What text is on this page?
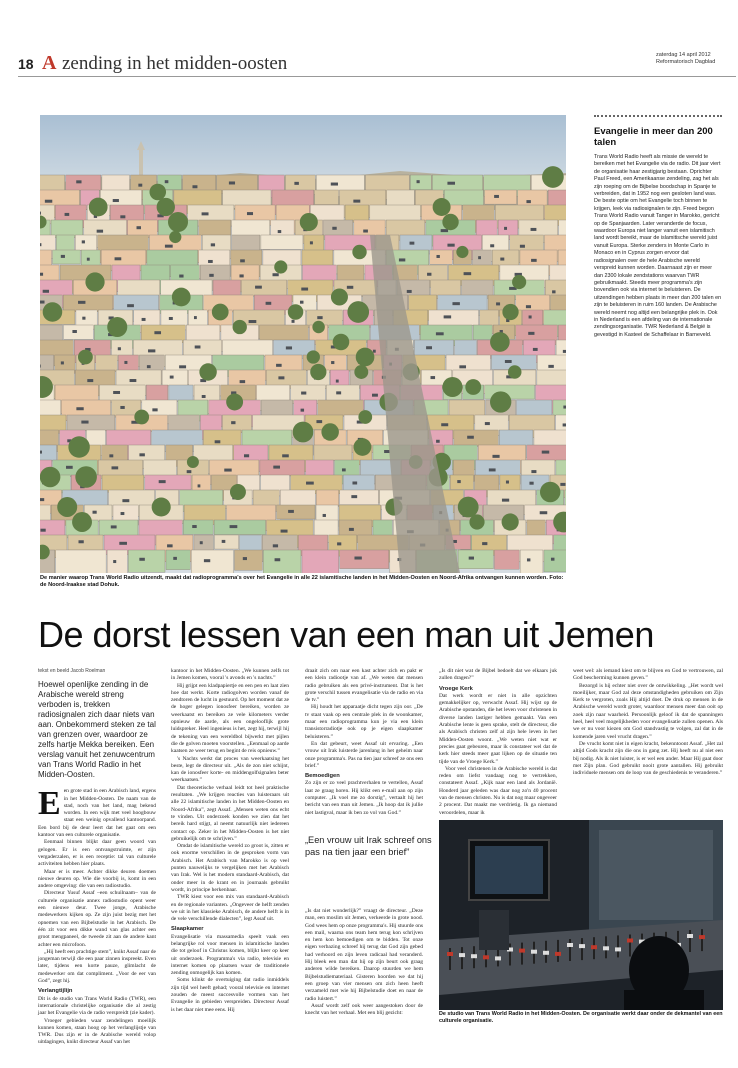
18 A zending in het midden-oosten	zaterdag 14 april 2012
Reformatorisch Dagblad
De manier waarop Trans World Radio uitzendt, maakt dat radioprogramma's over het Evangelie in alle 22 islamitische landen in het Midden-Oosten en Noord-Afrika ontvangen kunnen worden. Foto: de Noord-Iraakse stad Dohuk.
Evangelie in meer dan 200 talen
Trans World Radio heeft als missie de wereld te bereiken met het Evangelie via de radio. Dit jaar viert de organisatie haar zestigjarig bestaan. Oprichter Paul Freed, een Amerikaanse zendeling, zag het als zijn roeping om de Bijbelse boodschap in Spanje te verbreiden, dat in 1952 nog een gesloten land was. De beste optie om het Evangelie toch binnen te krijgen, leek via radiosignalen te zijn. Freed begon Trans World Radio vanuit Tanger in Marokko, gericht op de Spanjaarden. Later veranderde de focus, waardoor Europa niet langer vanuit een islamitisch land wordt bereikt, maar de islamitische wereld juist vanuit Europa. Sterke zenders in Monte Carlo in Monaco en in Cyprus zorgen ervoor dat radiosignalen over de hele Arabische wereld verspreid kunnen worden. Daarnaast zijn er meer dan 2300 lokale zendstations waarvan TWR gebruikmaakt. Steeds meer programma's zijn bovendien ook via internet te beluisteren. De uitzendingen hebben plaats in meer dan 200 talen en zijn te beluisteren in ruim 160 landen. De Arabische wereld neemt nog altijd een belangrijke plek in. Ook in Nederland is een afdeling van de internationale zendingsorganisatie. TWR Nederland & België is gevestigd in Kasteel de Schaffelaar in Barneveld.
De dorst lessen van een man uit Jemen
tekst en beeld Jacob Roelman
Hoewel openlijke zending in de Arabische wereld streng verboden is, trekken radiosignalen zich daar niets van aan. Onbekommerd steken ze tal van grenzen over, waardoor ze zelfs hartje Mekka bereiken. Een verslag vanuit het zenuwcentrum van Trans World Radio in het Midden-Oosten.

Een grote stad in een Arabisch land, ergens in het Midden-Oosten. De naam van de stad, noch van het land, mag bekend worden. In een wijk met veel hoogbouw staat een weinig opvallend kantoorpand. Een bord bij de deur leert dat het gaat om een kantoor van een culturele organisatie.

Eenmaal binnen blijkt daar geen woord van gelogen. Er is een ontvangstruimte, er zijn vergaderzalen, er is een receptie: tal van culturele activiteiten hebben hier plaats.

Maar er is meer. Achter dikke deuren doemen nieuwe deuren op. Wie die voorbij is, komt in een andere omgeving: die van een radiostudio.

Directeur Yusuf Assaf –een schuilnaam– van de culturele organisatie annex radiostudio opent weer een nieuwe deur. Twee jonge, Arabische medewerkers kijken op. Ze zijn juist bezig met het opnemen van een Bijbelstudie in het Arabisch. De één zit voor een dikke wand van glas achter een groot mengpaneel, de tweede zit aan de andere kant achter een microfoon.

„Hij heeft een prachtige stem”, knikt Assaf naar de jongeman terwijl die een paar zinnen inspreekt. Even later, tijdens een korte pauze, glimlacht de medewerker om dat compliment. „Voor de eer van God”, zegt hij.

Verlangtijlijn

Dit is de studio van Trans World Radio (TWR), een internationale christelijke organisatie die al zestig jaar het Evangelie via de radio verspreidt (zie kader).

Vroeger gebieden waar zendelingen moeilijk kunnen komen, staan hoog op het verlanglijstje van TWR. Dus zijn er in de Arabische wereld volop uitdagingen, knikt directeur Assaf van het

kantoor in het Midden-Oosten. „We kunnen zelfs tot in Jemen komen, vooral 's avonds en 's nachts.”

Hij grijpt een kladpapiertje en een pen en laat zien hoe dat werkt. Korte radiogolven worden vanaf de zendtoren de lucht in gestuurd. Op het moment dat ze de hoger gelegen ionosfeer bereiken, worden ze weerkaatst en bereiken ze vele kilometers verder opnieuw de aarde, als een ongelooflijk grote luidspreker. Heel ingenieus is het, zegt hij, terwijl hij de tekening van een wereldbol bijwerkt met pijlen die de golven moeten voorstellen. „Eenmaal op aarde kaatsen ze weer terug en begint de reis opnieuw.”

's Nachts werkt dat proces van weerkaatsing het beste, legt de directeur uit. „Als de zon niet schijnt, kan de ionosfeer korte- en middengolfsignalen beter weerkaatsen.”

Dat theoretische verhaal leidt tot heel praktische resultaten. „We krijgen reacties van luisteraars uit alle 22 islamitische landen in het Midden-Oosten en Noord-Afrika”, zegt Assaf. „Mensen weten ons echt te vinden. Uit onderzoek konden we zien dat het bereik hard stijgt, al neemt natuurlijk niet iedereen contact op. Zeker in het Midden-Oosten is het niet gebruikelijk om te schrijven.”

Omdat de islamitische wereld zo groot is, zitten er ook enorme verschillen in de gesproken vorm van Arabisch. Het Arabisch van Marokko is op veel punten nauwelijks te vergelijken met het Arabisch van Irak. Wel is het modern standaard-Arabisch, dat onder meer in de krant en in journaals gebruikt wordt, in principe herkenbaar.

TWR kiest voor een mix van standaard-Arabisch en de regionale varianten. „Ongeveer de helft zenden we uit in het klassieke Arabisch, de andere helft is in de vele verschillende dialecten”, legt Assaf uit.

Slaapkamer

Evangelisatie via massamedia speelt vaak een belangrijke rol voor mensen in islamitische landen die tot geloof in Christus komen, blijkt keer op keer uit onderzoek. Programma's via radio, televisie en internet komen op plaatsen waar de traditionele zending onmogelijk kan komen.

Soms klinkt de overtuiging dat radio inmiddels zijn tijd wel heeft gehad; vooral televisie en internet zouden de meest succesvolle vormen van het Evangelie in gebieden verspreiden. Directeur Assaf is het daar niet mee eens. Hij

draait zich om naar een kast achter zich en pakt er een klein radiootje van af. „We weten dat mensen radio gebruiken als een privé-instrument. Dat is het grote verschil tussen evangelisatie via de radio en via de tv.”

Hij houdt het apparaatje dicht tegen zijn oor. „De tv staat vaak op een centrale plek in de woonkamer, maar een radioprogramma kun je via een klein transistorradiotje ook op je eigen slaapkamer beluisteren.”

En dat gebeurt, weet Assaf uit ervaring. „Een vrouw uit Irak luisterde jarenlang in het geheim naar onze programma's. Pas na tien jaar schreef ze ons een brief.”

Bemoedigen

Zo zijn er zo veel prachtverhalen te vertellen, Assaf laat ze graag horen. Hij klikt een e-mail aan op zijn computer. „Ik voel me zo dorstig”, vertaalt hij het bericht van een man uit Jemen. „Ik hoop dat ik jullie niet lastigval, maar ik ben zo vol van God.”

„Een vrouw uit Irak schreef ons pas na tien jaar een brief”

„Is dat niet wonderlijk?” vraagt de directeur. „Deze man, een moslim uit Jemen, verkeerde in grote nood. God wees hem op onze programma's. Hij stuurde ons een mail, waarna ons team hem terug kon schrijven en hem kon bemoedigen om te bidden. Tot onze eigen verbazing schreef hij terug dat God zijn gebed had verhoord en zijn leven radicaal had veranderd. Hij bleek een man dat hij op zijn beurt ook graag anderen wilde bereiken. Daarop stuurden we hem Bijbelstudiemateriaal. Gisteren hoorden we dat hij een groep van vier mensen om zich heen heeft verzameld met wie hij Bijbelstudie doet en naar de radio luistert.”

Assaf wordt zelf ook weer aangestoken door de knecht van het verhaal. Met een blij gezicht:

„Is dit niet wat de Bijbel bedoelt dat we elkaars juk zullen dragen?”

Vroege Kerk

Dat werk wordt er niet in alle opzichten gemakkelijker op, verwacht Assaf. Hij wijst op de Arabische opstanden, die het leven voor christenen in diverse landen lastiger hebben gemaakt. Van een Arabische lente is geen sprake, stelt de directeur, die als Arabisch christen zelf al zijn hele leven in het Midden-Oosten woont. „We weten niet wat er precies gaat gebeuren, maar ik constateer wel dat de kerk hier steeds meer gaat lijken op de situatie ten tijde van de Vroege Kerk.”

Voor veel christenen in de Arabische wereld is dat reden om liefst vandaag nog te vertrekken, constateert Assaf. „Kijk naar een land als Jordanië. Honderd jaar geleden was daar nog zo'n 40 procent van de mensen christen. Nu is dat nog maar ongeveer 2 procent. Dat maakt me verdrietig. Ik ga niemand veroordelen, maar ik

weet wel: als iemand kiest om te blijven en God te vertrouwen, zal God bescherming kunnen geven.”

Bezorgd is hij echter niet over de ontwikkeling. „Het wordt wel moeilijker, maar God zal deze omstandigheden gebruiken om Zijn Kerk te vergroten, zoals Hij altijd doet. De druk op mensen in de Arabische wereld wordt groter, waardoor mensen meer dan ooit op zoek zijn naar waarheid. Persoonlijk geloof ik dat de spanningen heel, heel veel mogelijkheden voor evangelisatie zullen openen. Als we er nu voor kiezen om God standvastig te volgen, zal dat in de komende jaren veel vrucht dragen.”

De vrucht komt niet in eigen kracht, bekenntoont Assaf. „Het zal altijd Gods kracht zijn die ons in gang zet. Hij heeft nu al niet een bij nodig. Als ik niet luister, is er wel een ander. Maar Hij gaat door met Zijn plan. God gebruikt nooit grote aantallen. Hij gebruikt individuele mensen om de loop van de geschiedenis te veranderen.”

De studio van Trans World Radio in het Midden-Oosten. De organisatie werkt daar onder de dekmantel van een culturele organisatie.
